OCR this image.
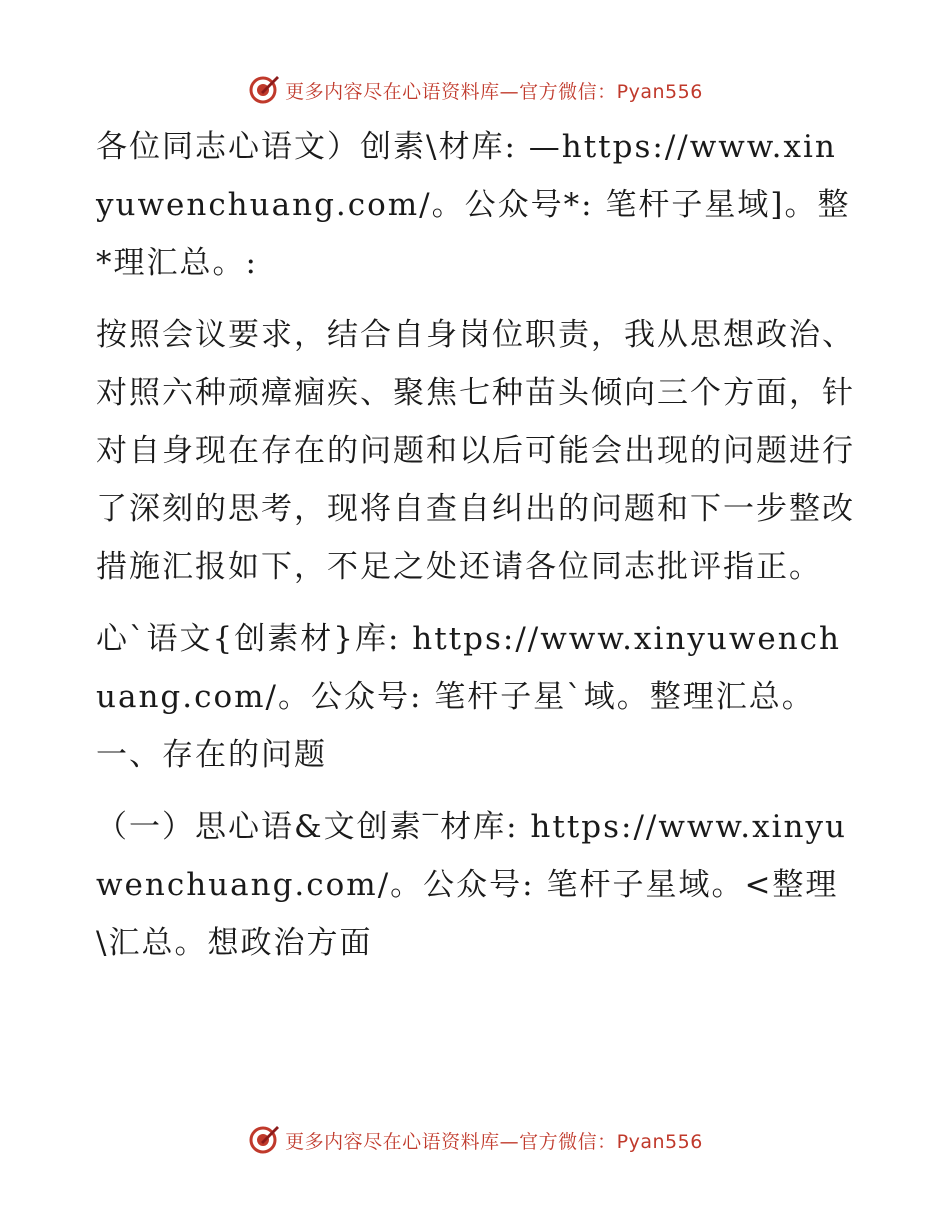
更多内容尽在心语资料库—官方微信：Pyan556

各位同志心语文）创素\材库: —https://www.xinyuwenchuang.com/。公众号*: 笔杆子星域]。整*理汇总。:

按照会议要求，结合自身岗位职责，我从思想政治、对照六种顽瘴痼疾、聚焦七种苗头倾向三个方面，针对自身现在存在的问题和以后可能会出现的问题进行了深刻的思考，现将自查自纠出的问题和下一步整改措施汇报如下，不足之处还请各位同志批评指正。

心`语文{创素材}库: https://www.xinyuwenchuang.com/。公众号: 笔杆子星`域。整理汇总。一、存在的问题

（一）思心语&文创素‾材库: https://www.xinyuwenchuang.com/。公众号: 笔杆子星域。<整理\汇总。想政治方面

更多内容尽在心语资料库—官方微信：Pyan556
